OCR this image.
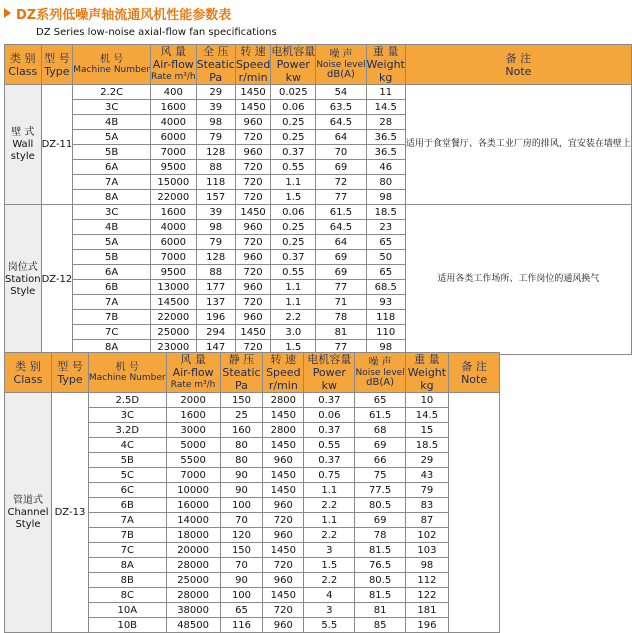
DZ系列低噪声轴流通风机性能参数表
DZ Series low-noise axial-flow fan specifications
类 别
Class	型 号
Type	机 号
Machine Number	风 量
Air-flow
Rate m³/h	全 压
Steatic
Pa	转 速
Speed
r/min	电机容量
Power
kw	噪 声
Noise level
dB(A)	重 量
Weight
kg	备 注
Note

壁 式
Wall
style	DZ-11	2.2C	400	29	1450	0.025	54	11	适用于食堂餐厅、各类工业厂房的排风，宜安装在墙壁上
		3C	1600	39	1450	0.06	63.5	14.5	
		4B	4000	98	960	0.25	64.5	28	
		5A	6000	79	720	0.25	64	36.5	
		5B	7000	128	960	0.37	70	36.5	
		6A	9500	88	720	0.55	69	46	
		7A	15000	118	720	1.1	72	80	
		8A	22000	157	720	1.5	77	98	

岗位式
Station
Style	DZ-12	3C	1600	39	1450	0.06	61.5	18.5	适用各类工作场所、工作岗位的通风换气
		4B	4000	98	960	0.25	64.5	23	
		5A	6000	79	720	0.25	64	65	
		5B	7000	128	960	0.37	69	50	
		6A	9500	88	720	0.55	69	65	
		6B	13000	177	960	1.1	77	68.5	
		7A	14500	137	720	1.1	71	93	
		7B	22000	196	960	2.2	78	118	
		7C	25000	294	1450	3.0	81	110	
		8A	23000	147	720	1.5	77	98	
类 别
Class	型 号
Type	机 号
Machine Number	风 量
Air-flow
Rate m³/h	静 压
Steatic
Pa	转 速
Speed
r/min	电机容量
Power
kw	噪 声
Noise level
dB(A)	重 量
Weight
kg	备 注
Note

管道式
Channel
Style	DZ-13	2.5D	2000	150	2800	0.37	65	10	
		3C	1600	25	1450	0.06	61.5	14.5	
		3.2D	3000	160	2800	0.37	68	15	
		4C	5000	80	1450	0.55	69	18.5	
		5B	5500	80	960	0.37	66	29	
		5C	7000	90	1450	0.75	75	43	
		6C	10000	90	1450	1.1	77.5	79	
		6B	16000	100	960	2.2	80.5	83	
		7A	14000	70	720	1.1	69	87	
		7B	18000	120	960	2.2	78	102	
		7C	20000	150	1450	3	81.5	103	
		8A	28000	70	720	1.5	76.5	98	
		8B	25000	90	960	2.2	80.5	112	
		8C	28000	100	1450	4	81.5	122	
		10A	38000	65	720	3	81	181	
		10B	48500	116	960	5.5	85	196	
